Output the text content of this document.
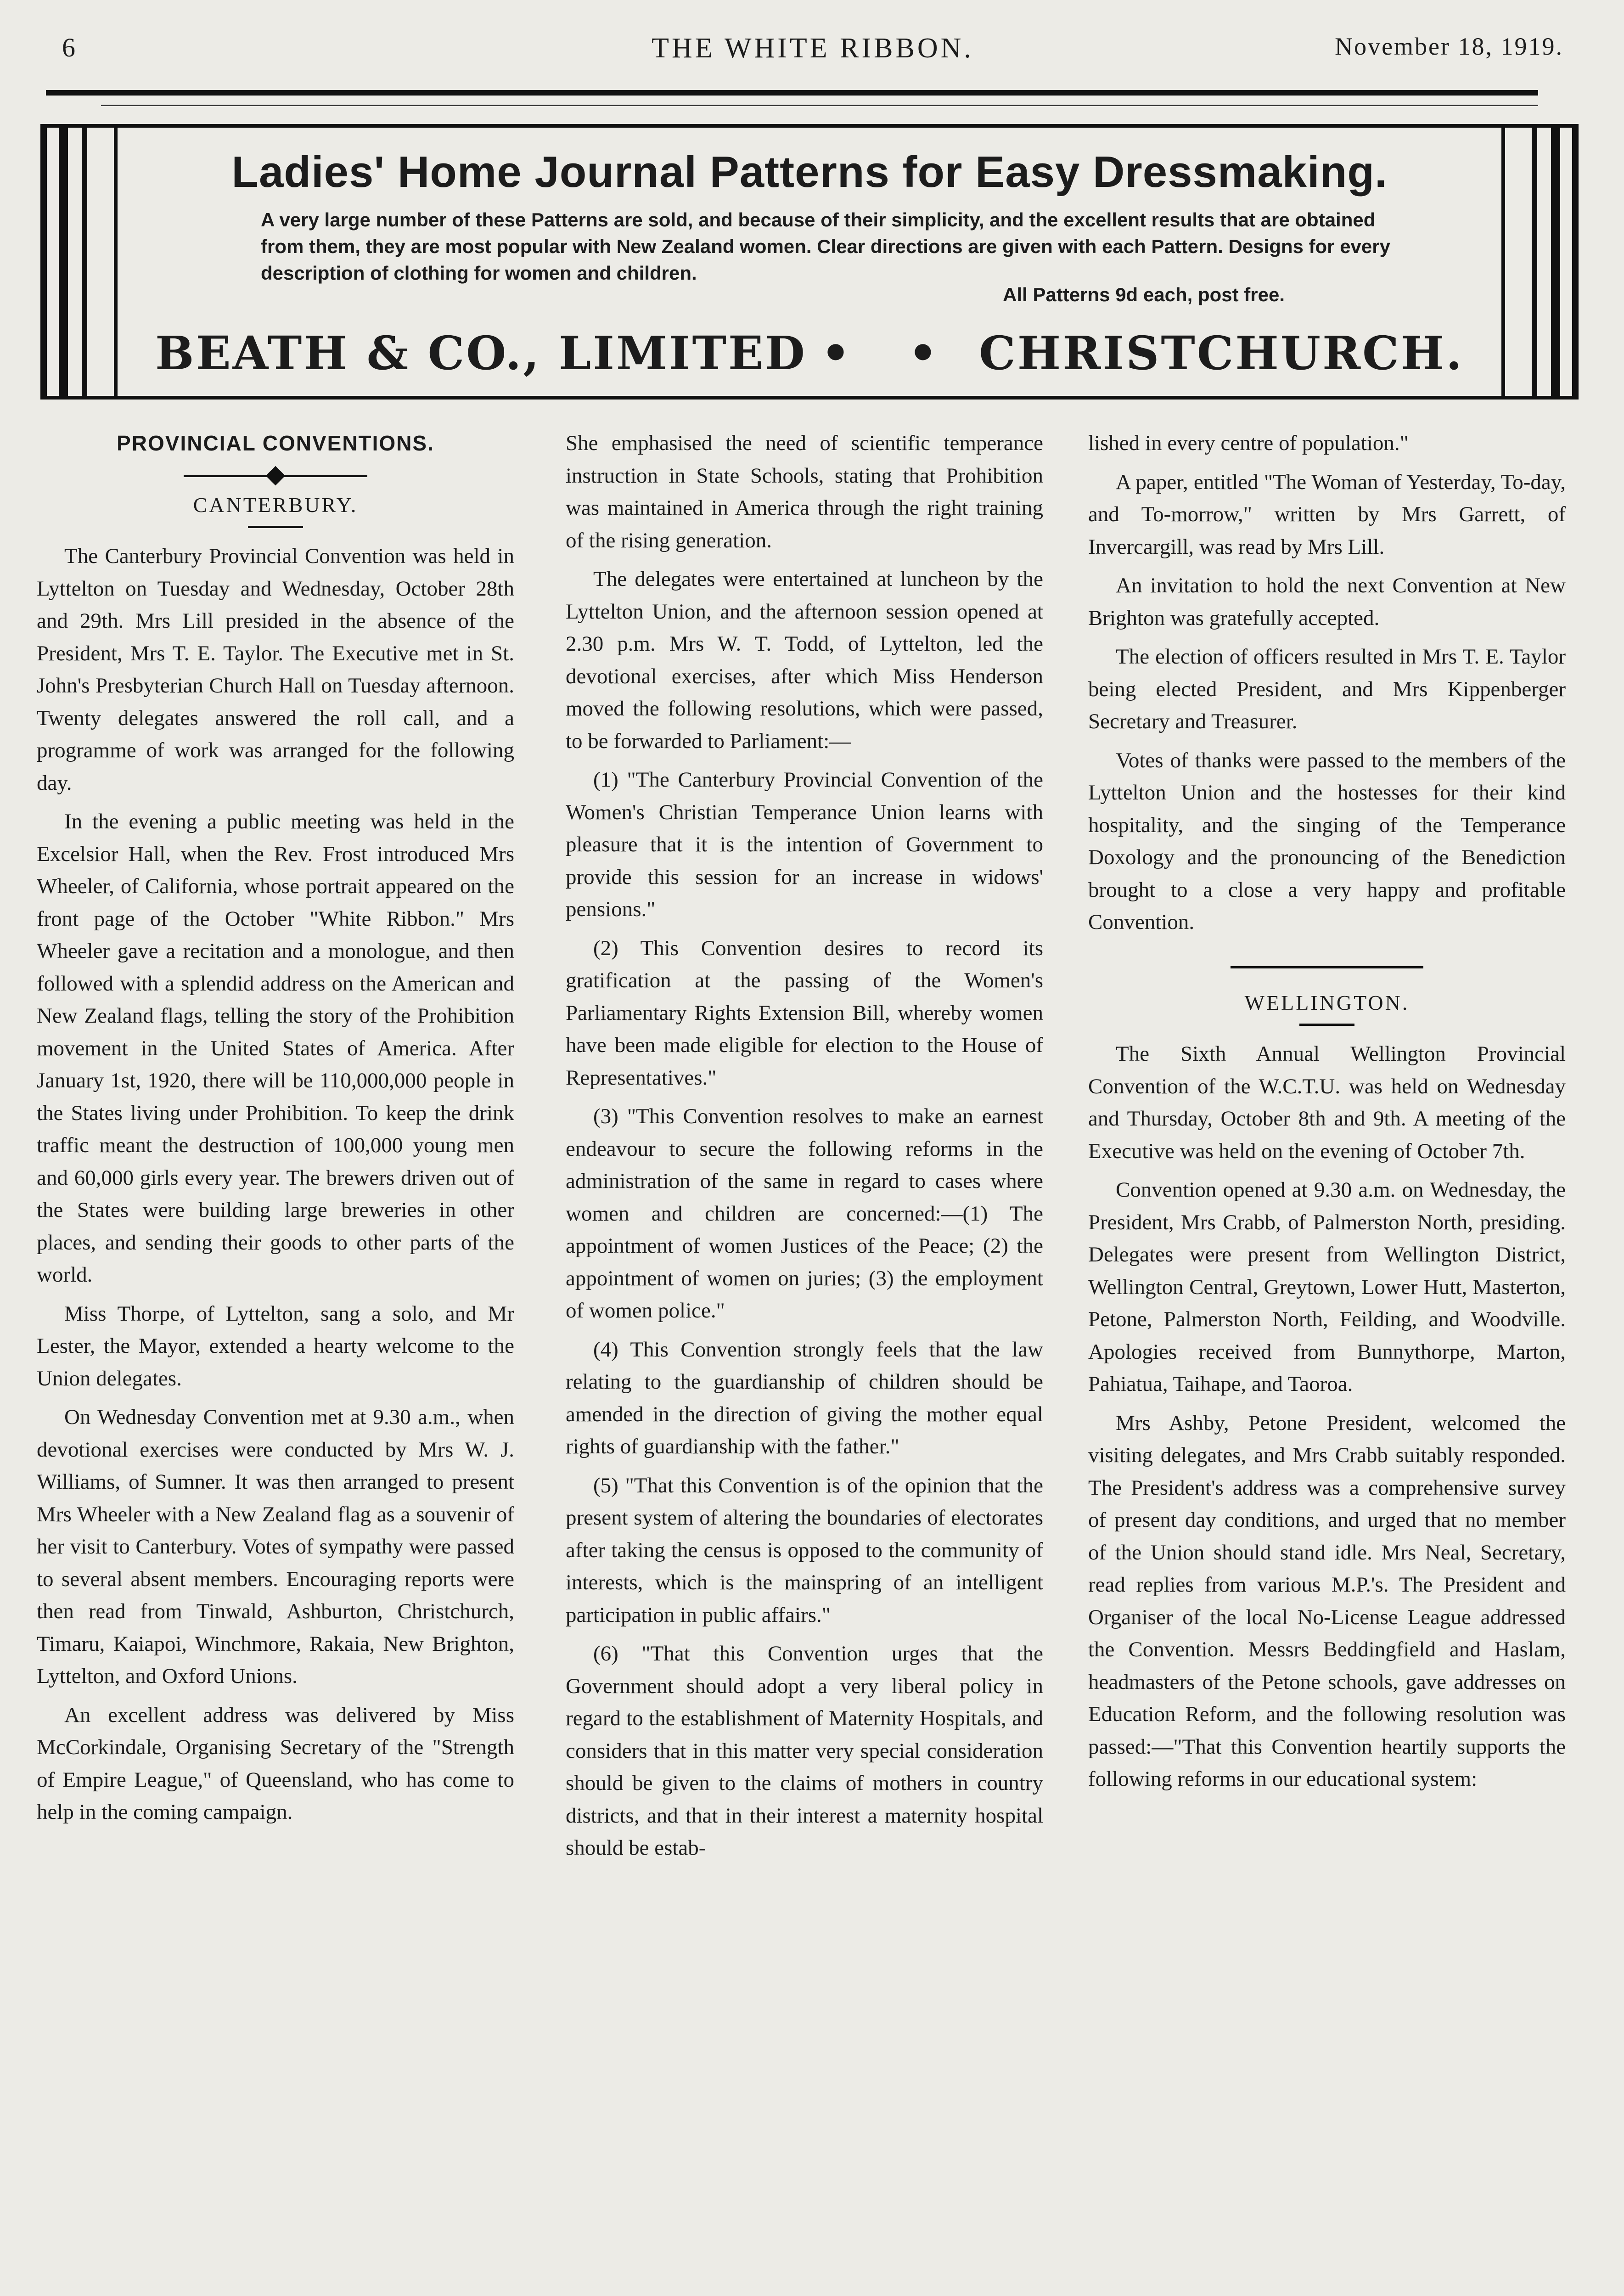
6	THE WHITE RIBBON.	November 18, 1919.
Ladies' Home Journal Patterns for Easy Dressmaking.
A very large number of these Patterns are sold, and because of their simplicity, and the excellent results that are obtained from them, they are most popular with New Zealand women. Clear directions are given with each Pattern. Designs for every description of clothing for women and children.
All Patterns 9d each, post free.
BEATH & CO., LIMITED • • CHRISTCHURCH.

PROVINCIAL CONVENTIONS.

CANTERBURY.

The Canterbury Provincial Convention was held in Lyttelton on Tuesday and Wednesday, October 28th and 29th. Mrs Lill presided in the absence of the President, Mrs T. E. Taylor. The Executive met in St. John's Presbyterian Church Hall on Tuesday afternoon. Twenty delegates answered the roll call, and a programme of work was arranged for the following day.

In the evening a public meeting was held in the Excelsior Hall, when the Rev. Frost introduced Mrs Wheeler, of California, whose portrait appeared on the front page of the October "White Ribbon." Mrs Wheeler gave a recitation and a monologue, and then followed with a splendid address on the American and New Zealand flags, telling the story of the Prohibition movement in the United States of America. After January 1st, 1920, there will be 110,000,000 people in the States living under Prohibition. To keep the drink traffic meant the destruction of 100,000 young men and 60,000 girls every year. The brewers driven out of the States were building large breweries in other places, and sending their goods to other parts of the world.

Miss Thorpe, of Lyttelton, sang a solo, and Mr Lester, the Mayor, extended a hearty welcome to the Union delegates.

On Wednesday Convention met at 9.30 a.m., when devotional exercises were conducted by Mrs W. J. Williams, of Sumner. It was then arranged to present Mrs Wheeler with a New Zealand flag as a souvenir of her visit to Canterbury. Votes of sympathy were passed to several absent members. Encouraging reports were then read from Tinwald, Ashburton, Christchurch, Timaru, Kaiapoi, Winchmore, Rakaia, New Brighton, Lyttelton, and Oxford Unions.

An excellent address was delivered by Miss McCorkindale, Organising Secretary of the "Strength of Empire League," of Queensland, who has come to help in the coming campaign.

She emphasised the need of scientific temperance instruction in State Schools, stating that Prohibition was maintained in America through the right training of the rising generation.

The delegates were entertained at luncheon by the Lyttelton Union, and the afternoon session opened at 2.30 p.m. Mrs W. T. Todd, of Lyttelton, led the devotional exercises, after which Miss Henderson moved the following resolutions, which were passed, to be forwarded to Parliament:—

(1) "The Canterbury Provincial Convention of the Women's Christian Temperance Union learns with pleasure that it is the intention of Government to provide this session for an increase in widows' pensions."

(2) This Convention desires to record its gratification at the passing of the Women's Parliamentary Rights Extension Bill, whereby women have been made eligible for election to the House of Representatives."

(3) "This Convention resolves to make an earnest endeavour to secure the following reforms in the administration of the same in regard to cases where women and children are concerned:—(1) The appointment of women Justices of the Peace; (2) the appointment of women on juries; (3) the employment of women police."

(4) This Convention strongly feels that the law relating to the guardianship of children should be amended in the direction of giving the mother equal rights of guardianship with the father."

(5) "That this Convention is of the opinion that the present system of altering the boundaries of electorates after taking the census is opposed to the community of interests, which is the mainspring of an intelligent participation in public affairs."

(6) "That this Convention urges that the Government should adopt a very liberal policy in regard to the establishment of Maternity Hospitals, and considers that in this matter very special consideration should be given to the claims of mothers in country districts, and that in their interest a maternity hospital should be estab-

lished in every centre of population."

A paper, entitled "The Woman of Yesterday, To-day, and To-morrow," written by Mrs Garrett, of Invercargill, was read by Mrs Lill.

An invitation to hold the next Convention at New Brighton was gratefully accepted.

The election of officers resulted in Mrs T. E. Taylor being elected President, and Mrs Kippenberger Secretary and Treasurer.

Votes of thanks were passed to the members of the Lyttelton Union and the hostesses for their kind hospitality, and the singing of the Temperance Doxology and the pronouncing of the Benediction brought to a close a very happy and profitable Convention.

WELLINGTON.

The Sixth Annual Wellington Provincial Convention of the W.C.T.U. was held on Wednesday and Thursday, October 8th and 9th. A meeting of the Executive was held on the evening of October 7th.

Convention opened at 9.30 a.m. on Wednesday, the President, Mrs Crabb, of Palmerston North, presiding. Delegates were present from Wellington District, Wellington Central, Greytown, Lower Hutt, Masterton, Petone, Palmerston North, Feilding, and Woodville. Apologies received from Bunnythorpe, Marton, Pahiatua, Taihape, and Taoroa.

Mrs Ashby, Petone President, welcomed the visiting delegates, and Mrs Crabb suitably responded. The President's address was a comprehensive survey of present day conditions, and urged that no member of the Union should stand idle. Mrs Neal, Secretary, read replies from various M.P.'s. The President and Organiser of the local No-License League addressed the Convention. Messrs Beddingfield and Haslam, headmasters of the Petone schools, gave addresses on Education Reform, and the following resolution was passed:—"That this Convention heartily supports the following reforms in our educational system:
